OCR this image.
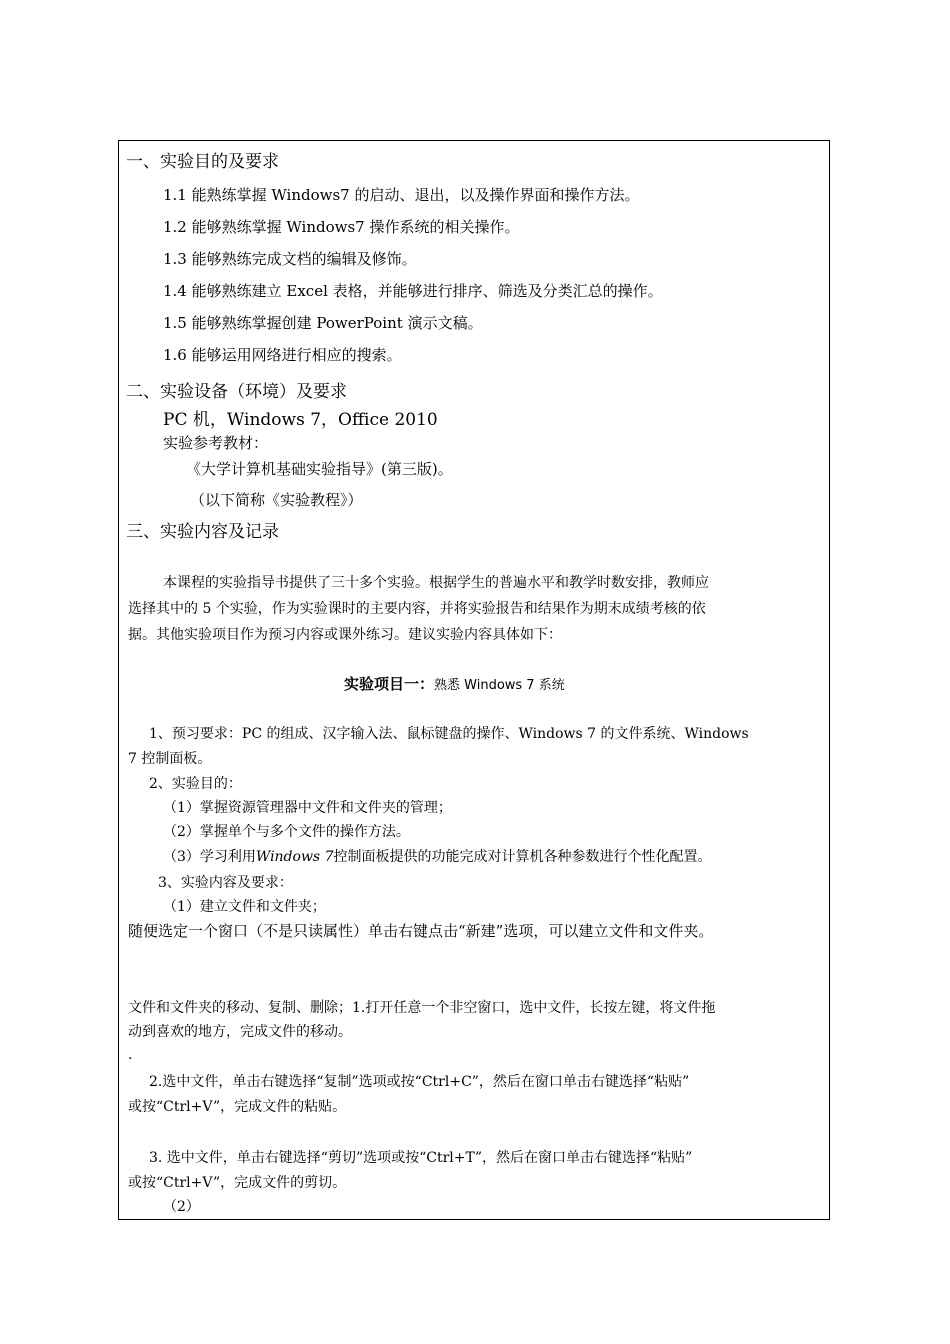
一、实验目的及要求
1.1 能熟练掌握 Windows7 的启动、退出，以及操作界面和操作方法。
1.2 能够熟练掌握 Windows7 操作系统的相关操作。
1.3 能够熟练完成文档的编辑及修饰。
1.4 能够熟练建立 Excel 表格，并能够进行排序、筛选及分类汇总的操作。
1.5 能够熟练掌握创建 PowerPoint 演示文稿。
1.6 能够运用网络进行相应的搜索。
二、实验设备（环境）及要求
PC 机，Windows 7，Office 2010
实验参考教材：
《大学计算机基础实验指导》(第三版)。
（以下简称《实验教程》）
三、实验内容及记录
本课程的实验指导书提供了三十多个实验。根据学生的普遍水平和教学时数安排，教师应
选择其中的 5 个实验，作为实验课时的主要内容，并将实验报告和结果作为期末成绩考核的依
据。其他实验项目作为预习内容或课外练习。建议实验内容具体如下：
实验项目一：熟悉 Windows 7 系统
1、预习要求：PC 的组成、汉字输入法、鼠标键盘的操作、Windows 7 的文件系统、Windows
7 控制面板。
2、实验目的：
（1）掌握资源管理器中文件和文件夹的管理；
（2）掌握单个与多个文件的操作方法。
（3）学习利用Windows 7控制面板提供的功能完成对计算机各种参数进行个性化配置。
3、实验内容及要求：
（1）建立文件和文件夹；
随便选定一个窗口（不是只读属性）单击右键点击“新建”选项，可以建立文件和文件夹。
文件和文件夹的移动、复制、删除；1.打开任意一个非空窗口，选中文件，长按左键，将文件拖
动到喜欢的地方，完成文件的移动。
.
2.选中文件，单击右键选择“复制”选项或按“Ctrl+C”，然后在窗口单击右键选择“粘贴”
或按“Ctrl+V”，完成文件的粘贴。
3. 选中文件，单击右键选择“剪切”选项或按“Ctrl+T”，然后在窗口单击右键选择“粘贴”
或按“Ctrl+V”，完成文件的剪切。
（2）
